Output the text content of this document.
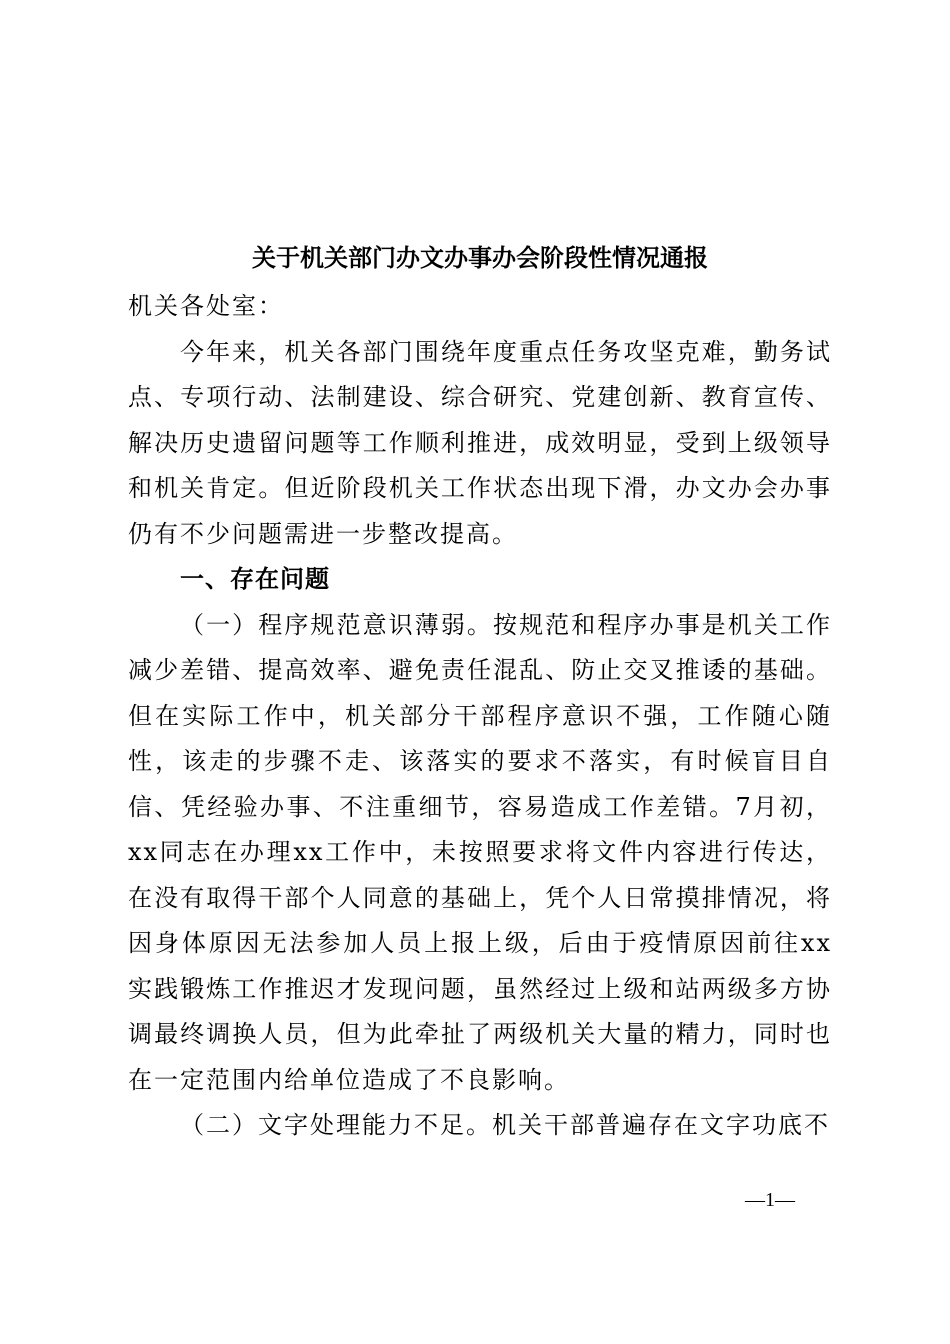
关于机关部门办文办事办会阶段性情况通报

机关各处室：

今年来，机关各部门围绕年度重点任务攻坚克难，勤务试点、专项行动、法制建设、综合研究、党建创新、教育宣传、解决历史遗留问题等工作顺利推进，成效明显，受到上级领导和机关肯定。但近阶段机关工作状态出现下滑，办文办会办事仍有不少问题需进一步整改提高。

一、存在问题

（一）程序规范意识薄弱。按规范和程序办事是机关工作减少差错、提高效率、避免责任混乱、防止交叉推诿的基础。但在实际工作中，机关部分干部程序意识不强，工作随心随性，该走的步骤不走、该落实的要求不落实，有时候盲目自信、凭经验办事、不注重细节，容易造成工作差错。7月初， xx同志在办理xx工作中，未按照要求将文件内容进行传达，在没有取得干部个人同意的基础上，凭个人日常摸排情况，将因身体原因无法参加人员上报上级，后由于疫情原因前往xx实践锻炼工作推迟才发现问题，虽然经过上级和站两级多方协调最终调换人员，但为此牵扯了两级机关大量的精力，同时也在一定范围内给单位造成了不良影响。

（二）文字处理能力不足。机关干部普遍存在文字功底不

—1—
